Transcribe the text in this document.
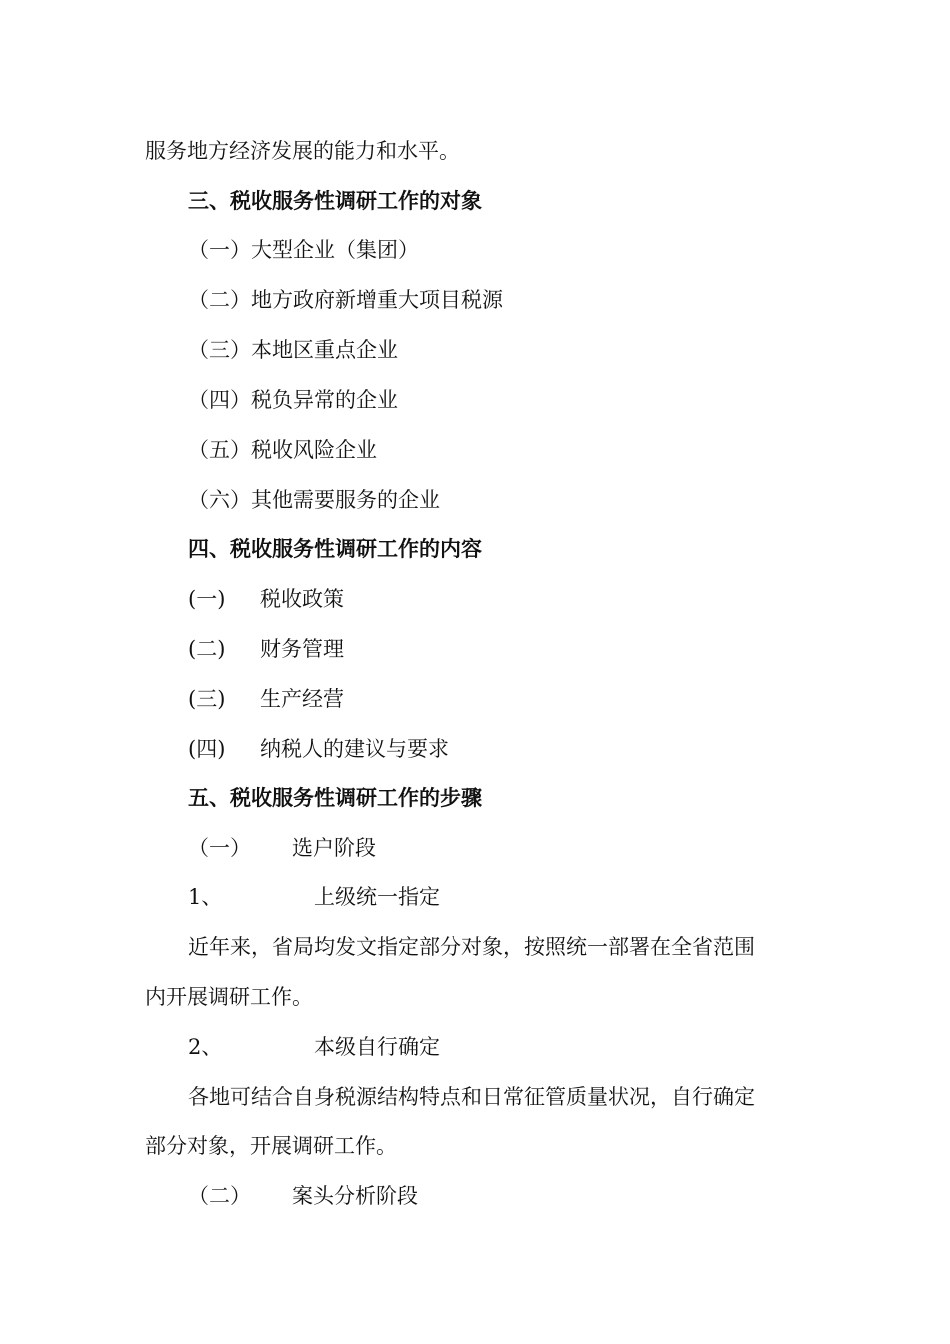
服务地方经济发展的能力和水平。

三、税收服务性调研工作的对象

（一）大型企业（集团）

（二）地方政府新增重大项目税源

（三）本地区重点企业

（四）税负异常的企业

（五）税收风险企业

（六）其他需要服务的企业

四、税收服务性调研工作的内容

(一) 税收政策

(二) 财务管理

(三) 生产经营

(四) 纳税人的建议与要求

五、税收服务性调研工作的步骤

（一） 选户阶段

1、	上级统一指定

近年来，省局均发文指定部分对象，按照统一部署在全省范围

内开展调研工作。

2、	本级自行确定

各地可结合自身税源结构特点和日常征管质量状况，自行确定

部分对象，开展调研工作。

（二） 案头分析阶段
